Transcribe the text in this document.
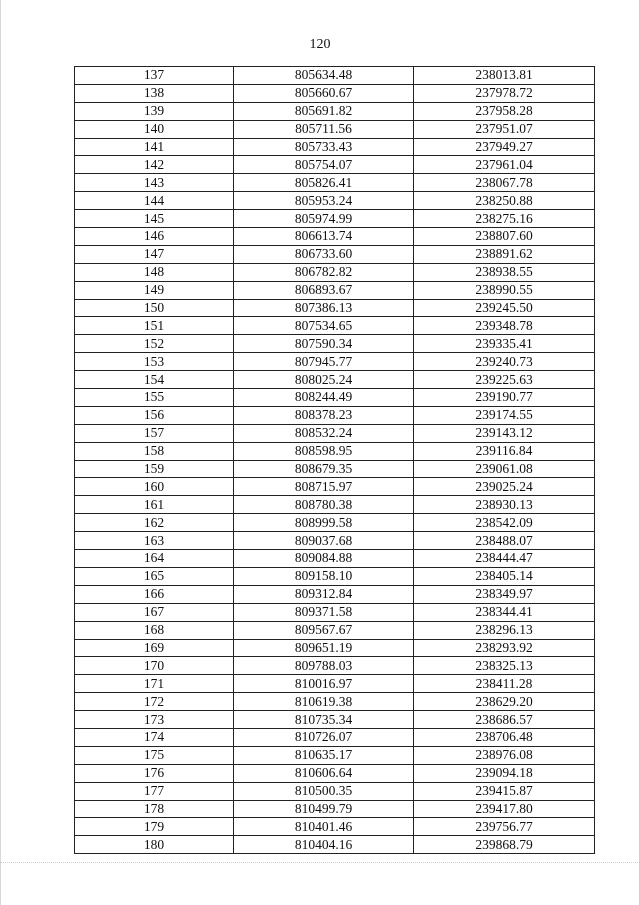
120
137	805634.48	238013.81
138	805660.67	237978.72
139	805691.82	237958.28
140	805711.56	237951.07
141	805733.43	237949.27
142	805754.07	237961.04
143	805826.41	238067.78
144	805953.24	238250.88
145	805974.99	238275.16
146	806613.74	238807.60
147	806733.60	238891.62
148	806782.82	238938.55
149	806893.67	238990.55
150	807386.13	239245.50
151	807534.65	239348.78
152	807590.34	239335.41
153	807945.77	239240.73
154	808025.24	239225.63
155	808244.49	239190.77
156	808378.23	239174.55
157	808532.24	239143.12
158	808598.95	239116.84
159	808679.35	239061.08
160	808715.97	239025.24
161	808780.38	238930.13
162	808999.58	238542.09
163	809037.68	238488.07
164	809084.88	238444.47
165	809158.10	238405.14
166	809312.84	238349.97
167	809371.58	238344.41
168	809567.67	238296.13
169	809651.19	238293.92
170	809788.03	238325.13
171	810016.97	238411.28
172	810619.38	238629.20
173	810735.34	238686.57
174	810726.07	238706.48
175	810635.17	238976.08
176	810606.64	239094.18
177	810500.35	239415.87
178	810499.79	239417.80
179	810401.46	239756.77
180	810404.16	239868.79
